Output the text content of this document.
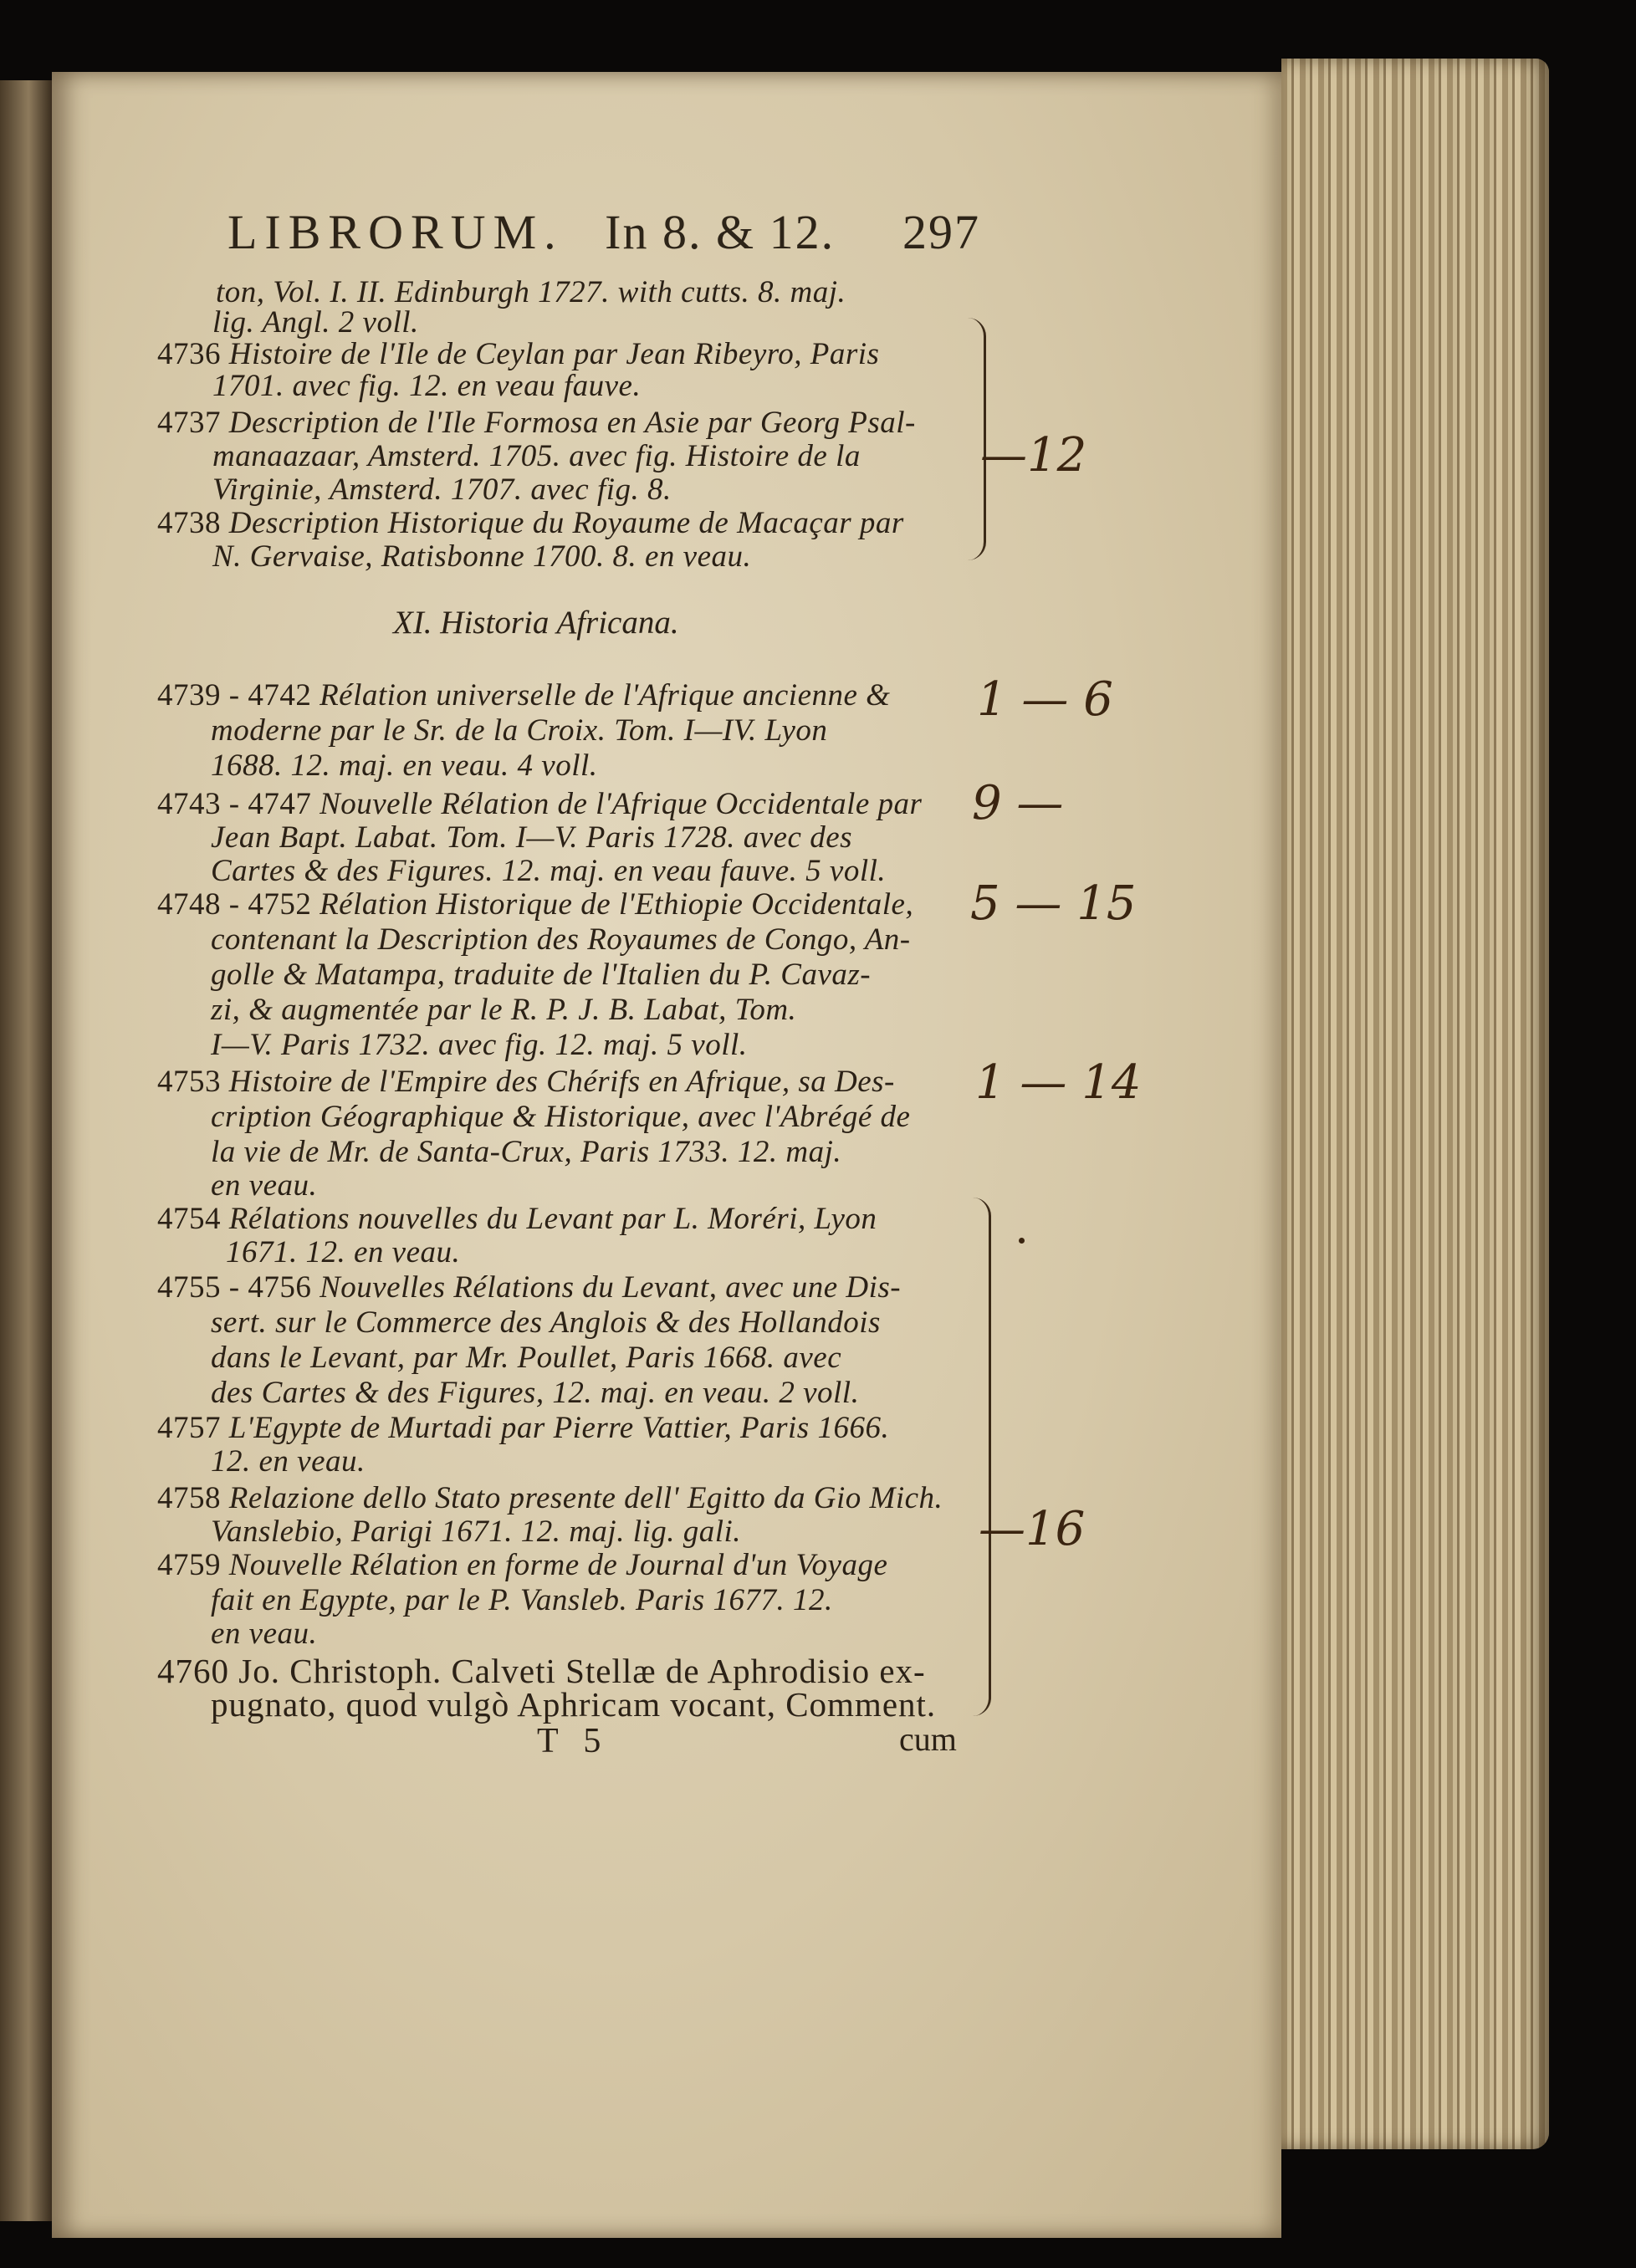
LIBRORUM. In 8. & 12. 297
ton, Vol. I. II. Edinburgh 1727. with cutts. 8. maj.
lig. Angl. 2 voll.
4736 Histoire de l'Ile de Ceylan par Jean Ribeyro, Paris
1701. avec fig. 12. en veau fauve.
4737 Description de l'Ile Formosa en Asie par Georg Psal-
manaazaar, Amsterd. 1705. avec fig. Histoire de la
Virginie, Amsterd. 1707. avec fig. 8.
4738 Description Historique du Royaume de Macaçar par
N. Gervaise, Ratisbonne 1700. 8. en veau.
XI. Historia Africana.
4739 - 4742 Rélation universelle de l'Afrique ancienne &
moderne par le Sr. de la Croix. Tom. I—IV. Lyon
1688. 12. maj. en veau. 4 voll.
4743 - 4747 Nouvelle Rélation de l'Afrique Occidentale par
Jean Bapt. Labat. Tom. I—V. Paris 1728. avec des
Cartes & des Figures. 12. maj. en veau fauve. 5 voll.
4748 - 4752 Rélation Historique de l'Ethiopie Occidentale,
contenant la Description des Royaumes de Congo, An-
golle & Matampa, traduite de l'Italien du P. Cavaz-
zi, & augmentée par le R. P. J. B. Labat, Tom.
I—V. Paris 1732. avec fig. 12. maj. 5 voll.
4753 Histoire de l'Empire des Chérifs en Afrique, sa Des-
cription Géographique & Historique, avec l'Abrégé de
la vie de Mr. de Santa-Crux, Paris 1733. 12. maj.
en veau.
4754 Rélations nouvelles du Levant par L. Moréri, Lyon
1671. 12. en veau.
4755 - 4756 Nouvelles Rélations du Levant, avec une Dis-
sert. sur le Commerce des Anglois & des Hollandois
dans le Levant, par Mr. Poullet, Paris 1668. avec
des Cartes & des Figures, 12. maj. en veau. 2 voll.
4757 L'Egypte de Murtadi par Pierre Vattier, Paris 1666.
12. en veau.
4758 Relazione dello Stato presente dell' Egitto da Gio Mich.
Vanslebio, Parigi 1671. 12. maj. lig. gali.
4759 Nouvelle Rélation en forme de Journal d'un Voyage
fait en Egypte, par le P. Vansleb. Paris 1677. 12.
en veau.
4760 Jo. Christoph. Calveti Stellæ de Aphrodisio ex-
pugnato, quod vulgò Aphricam vocant, Comment.
T 5	cum
—12
1 — 6
9 —
5 — 15
1 — 14
—16
